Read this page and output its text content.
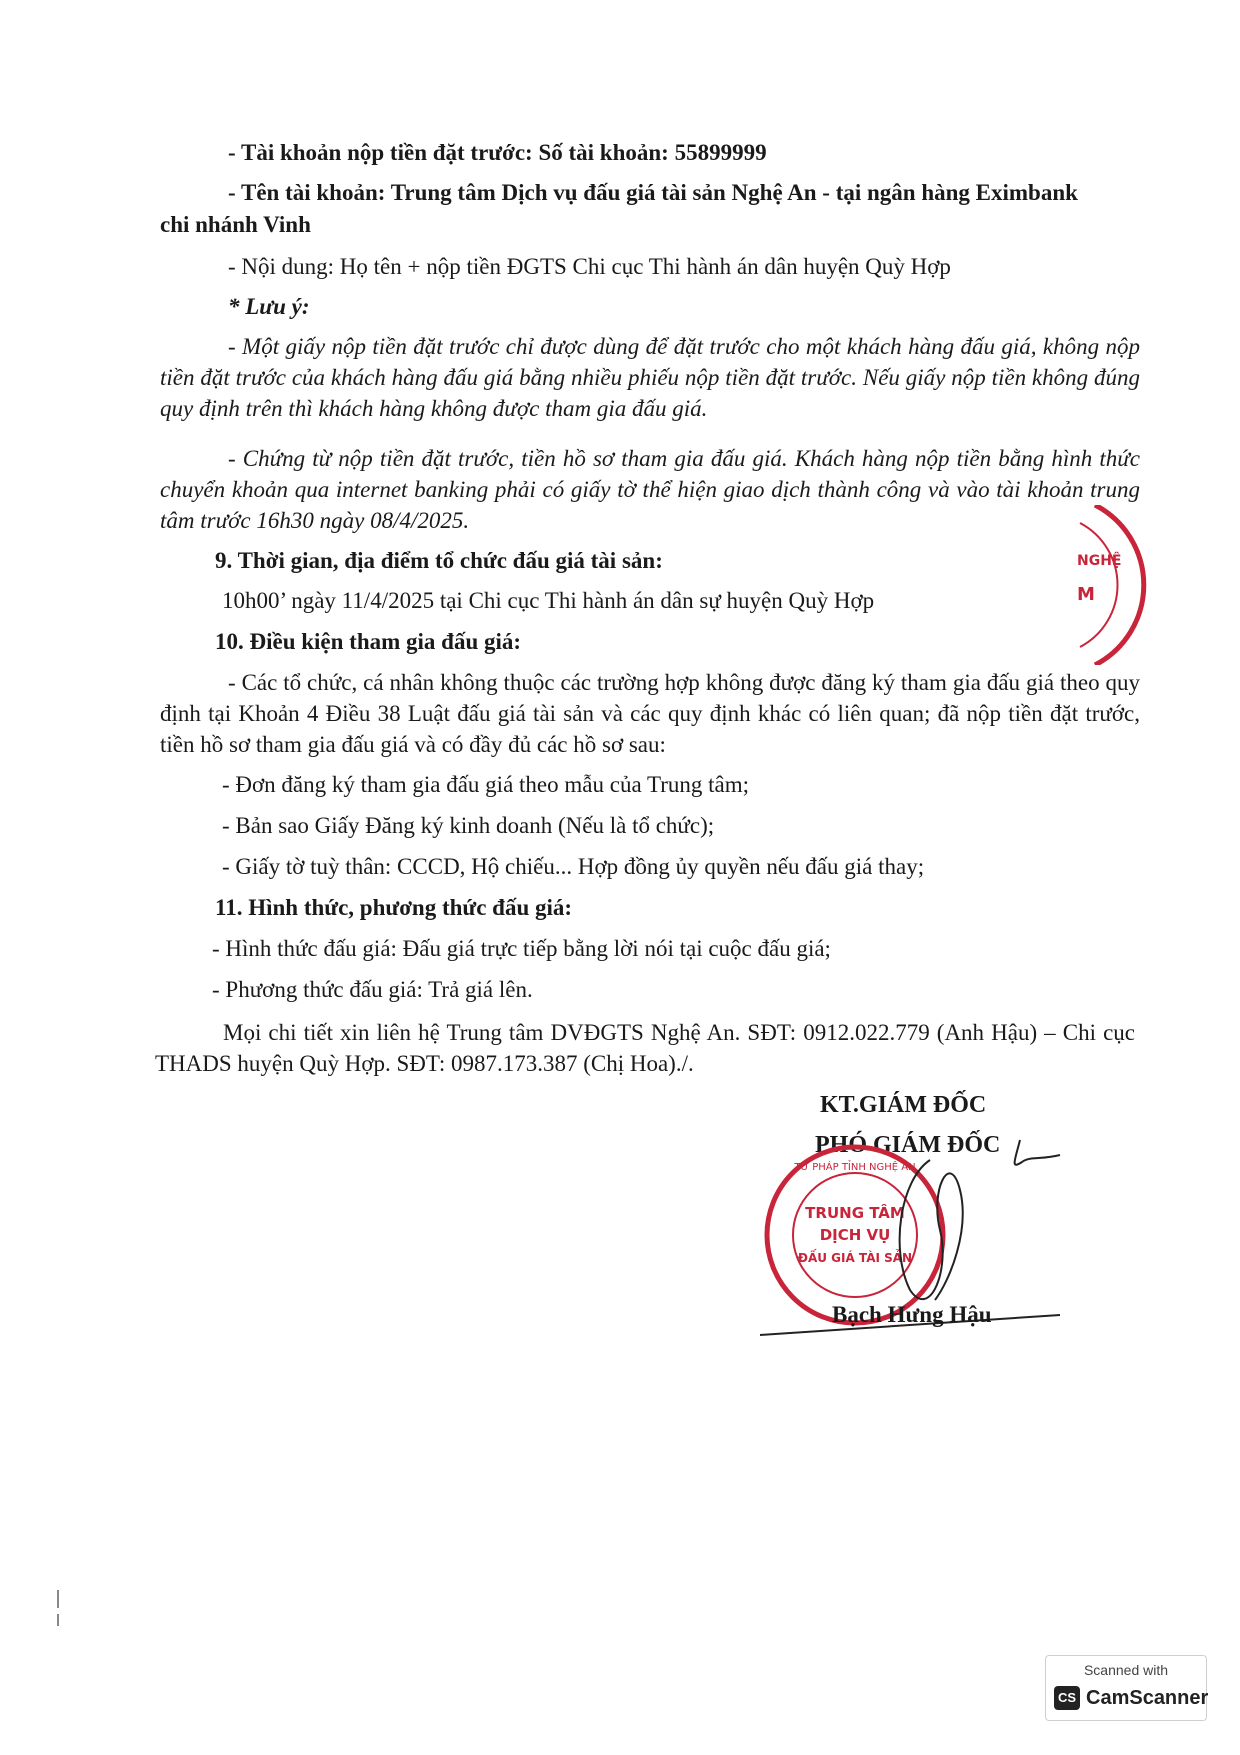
- Tài khoản nộp tiền đặt trước: Số tài khoản: 55899999
- Tên tài khoản: Trung tâm Dịch vụ đấu giá tài sản Nghệ An - tại ngân hàng Eximbank
chi nhánh Vinh
- Nội dung: Họ tên + nộp tiền ĐGTS Chi cục Thi hành án dân huyện Quỳ Hợp
* Lưu ý:
- Một giấy nộp tiền đặt trước chỉ được dùng để đặt trước cho một khách hàng đấu giá, không nộp tiền đặt trước của khách hàng đấu giá bằng nhiều phiếu nộp tiền đặt trước. Nếu giấy nộp tiền không đúng quy định trên thì khách hàng không được tham gia đấu giá.
- Chứng từ nộp tiền đặt trước, tiền hồ sơ tham gia đấu giá. Khách hàng nộp tiền bằng hình thức chuyển khoản qua internet banking phải có giấy tờ thể hiện giao dịch thành công và vào tài khoản trung tâm trước 16h30 ngày 08/4/2025.
9. Thời gian, địa điểm tổ chức đấu giá tài sản:
10h00’ ngày 11/4/2025 tại Chi cục Thi hành án dân sự huyện Quỳ Hợp
10. Điều kiện tham gia đấu giá:
- Các tổ chức, cá nhân không thuộc các trường hợp không được đăng ký tham gia đấu giá theo quy định tại Khoản 4 Điều 38 Luật đấu giá tài sản và các quy định khác có liên quan; đã nộp tiền đặt trước, tiền hồ sơ tham gia đấu giá và có đầy đủ các hồ sơ sau:
- Đơn đăng ký tham gia đấu giá theo mẫu của Trung tâm;
- Bản sao Giấy Đăng ký kinh doanh (Nếu là tổ chức);
- Giấy tờ tuỳ thân: CCCD, Hộ chiếu... Hợp đồng ủy quyền nếu đấu giá thay;
11. Hình thức, phương thức đấu giá:
- Hình thức đấu giá: Đấu giá trực tiếp bằng lời nói tại cuộc đấu giá;
- Phương thức đấu giá: Trả giá lên.
Mọi chi tiết xin liên hệ Trung tâm DVĐGTS Nghệ An. SĐT: 0912.022.779 (Anh Hậu) – Chi cục THADS huyện Quỳ Hợp. SĐT: 0987.173.387 (Chị Hoa)./.
NGHỆ
M
KT.GIÁM ĐỐC
PHÓ GIÁM ĐỐC
TRUNG TÂM
DỊCH VỤ
ĐẤU GIÁ TÀI SẢN
TƯ PHÁP TỈNH NGHỆ AN
Bạch Hưng Hậu
Scanned with
CS CamScanner
